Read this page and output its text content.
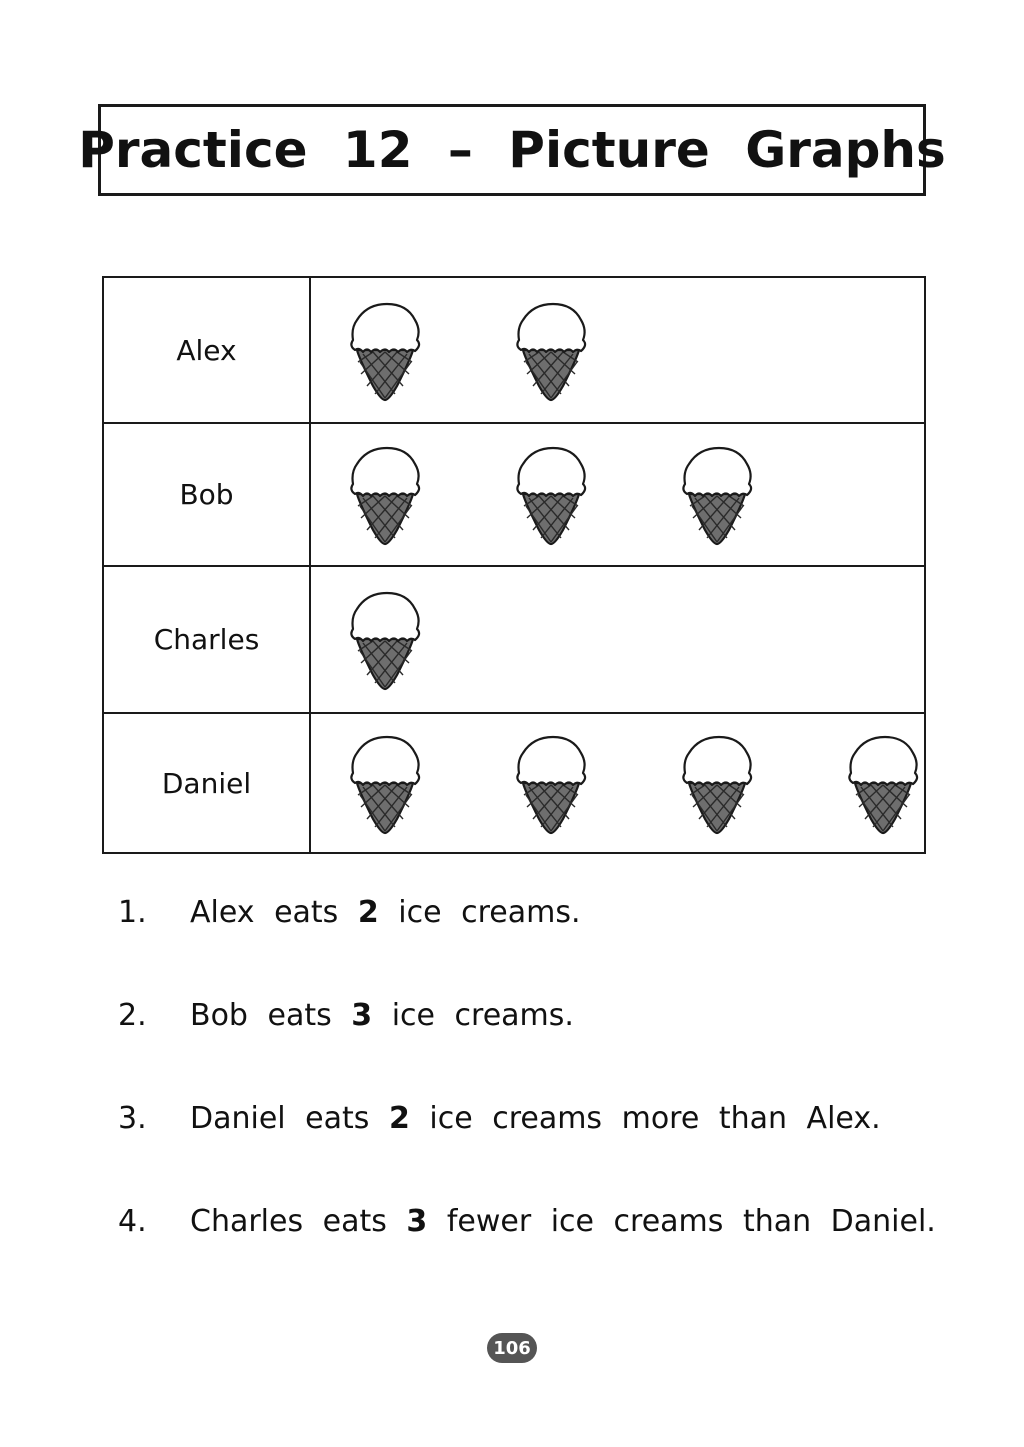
Practice 12 – Picture Graphs
Alex	

Bob	

Charles	

Daniel	
1.	Alex eats 2 ice creams.
2.	Bob eats 3 ice creams.
3.	Daniel eats 2 ice creams more than Alex.
4.	Charles eats 3 fewer ice creams than Daniel.
106
